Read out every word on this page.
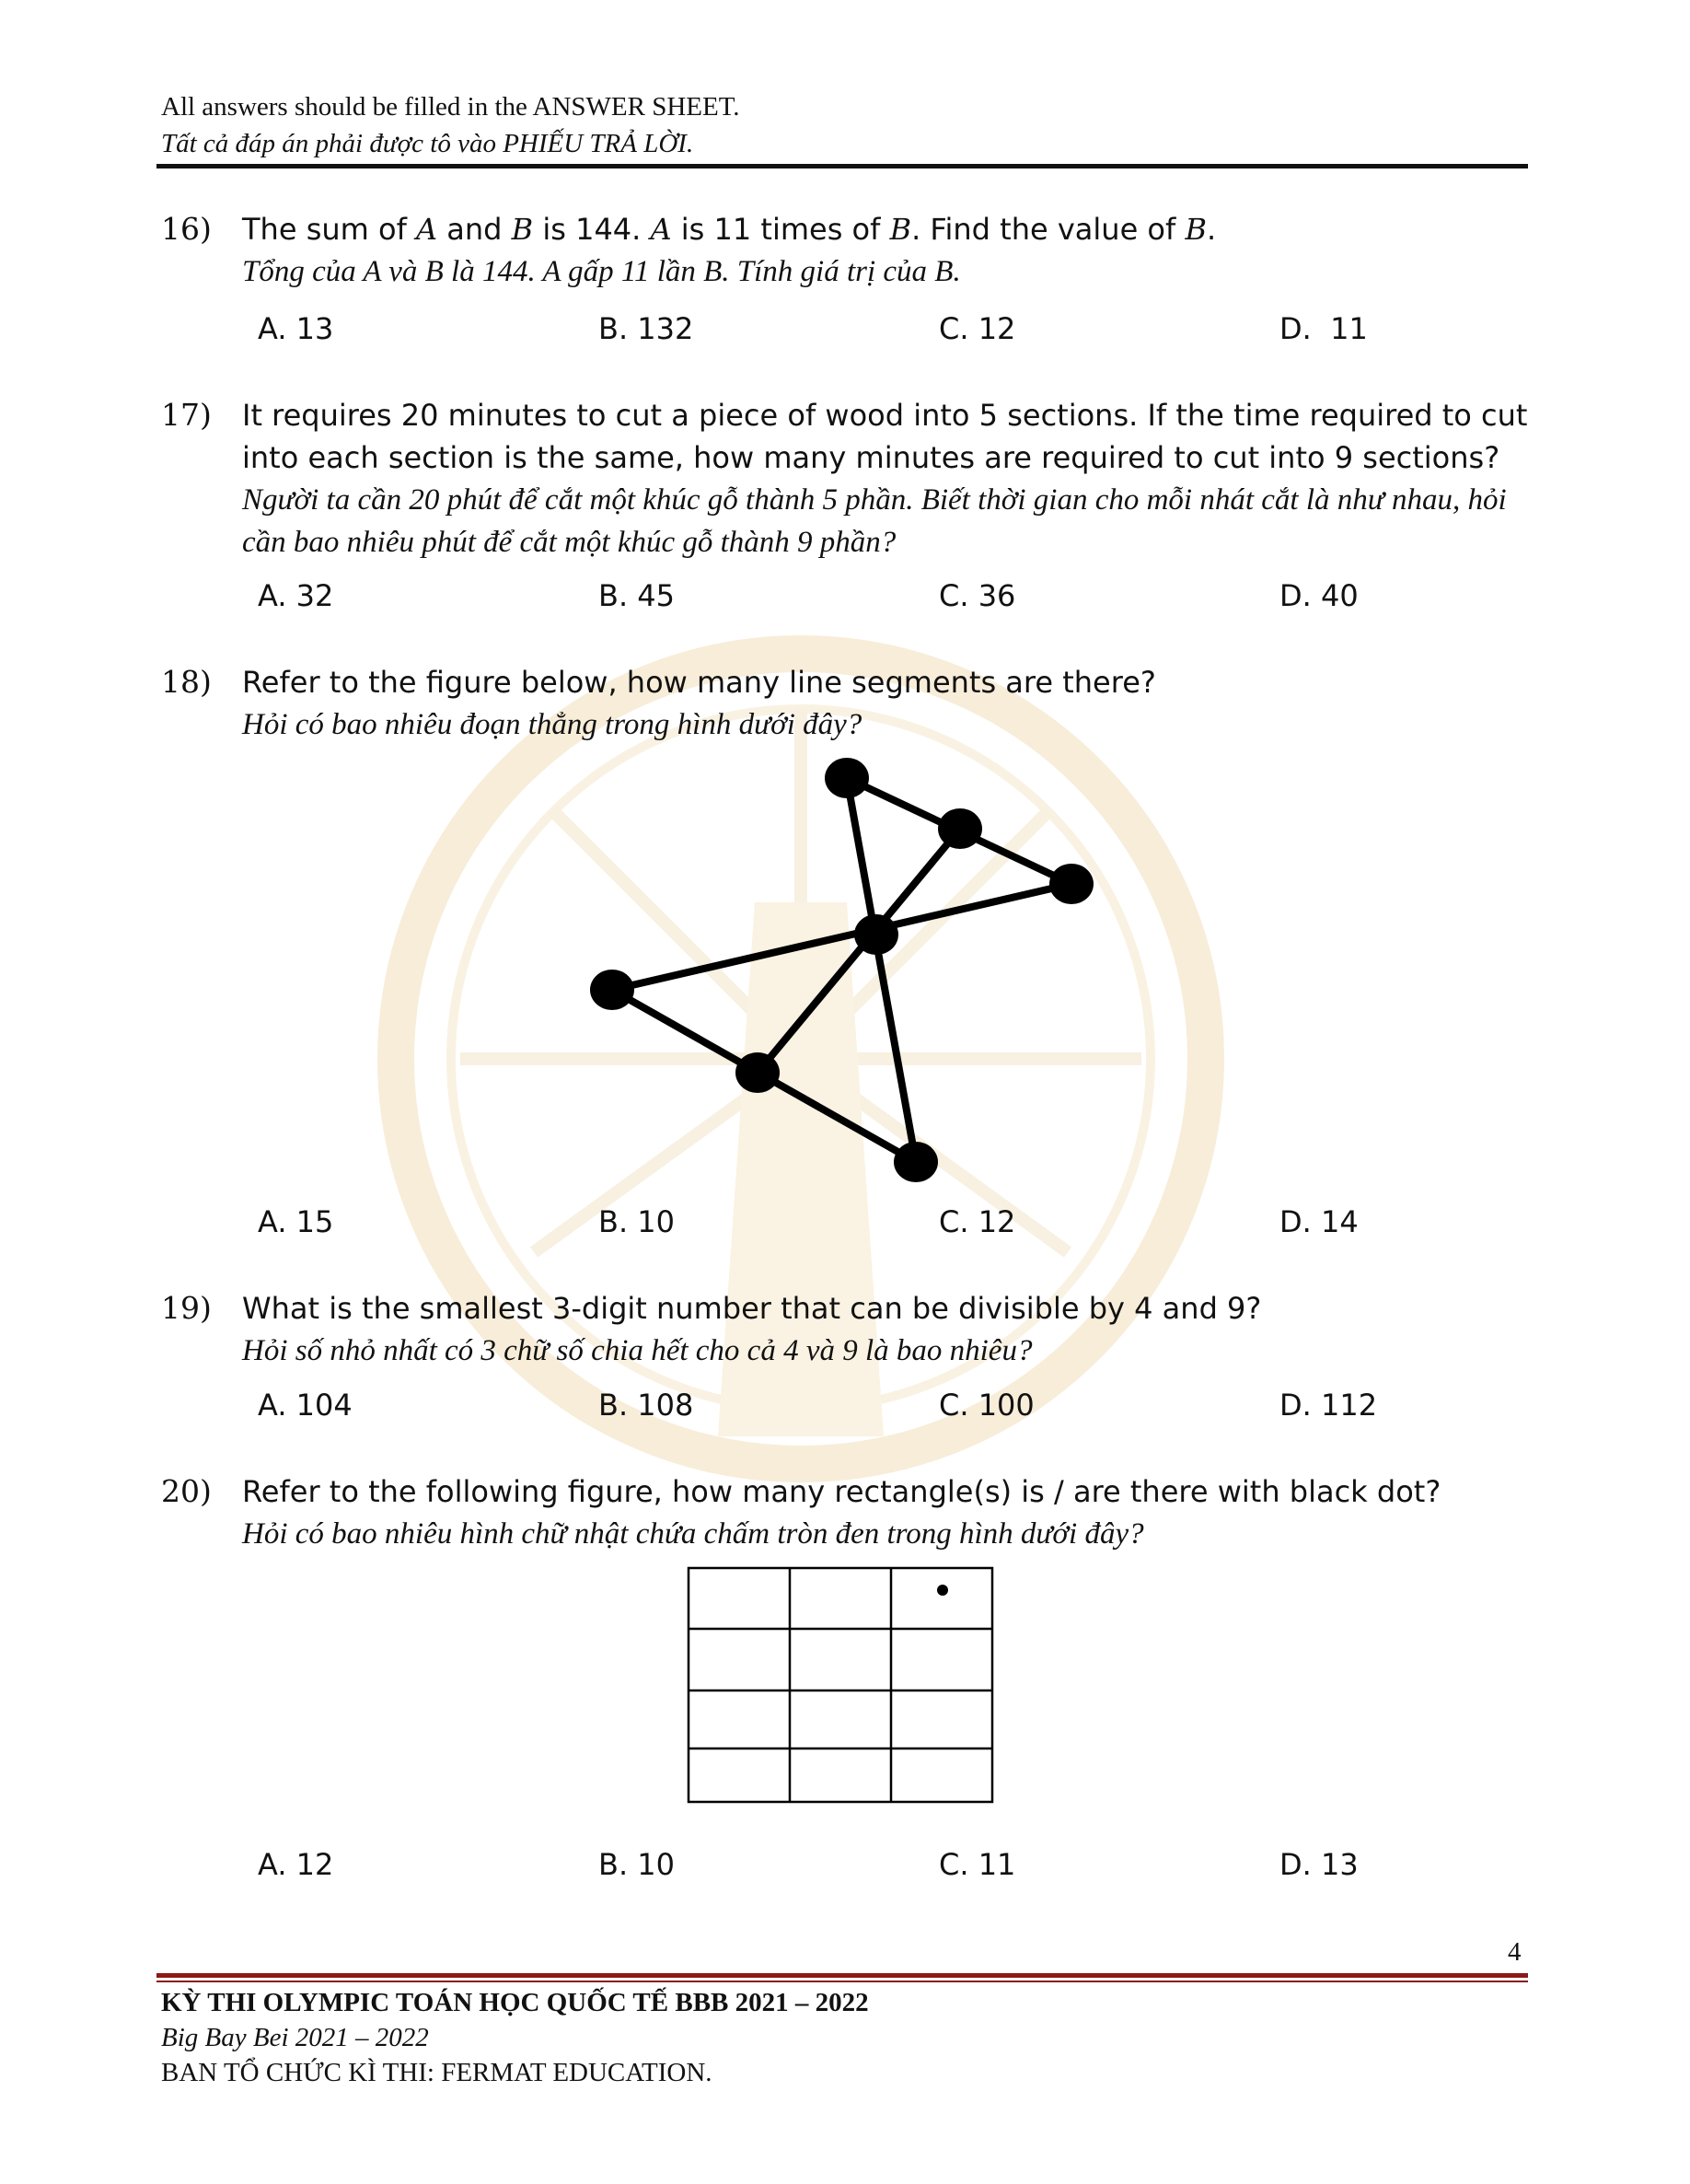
All answers should be filled in the ANSWER SHEET.
Tất cả đáp án phải được tô vào PHIẾU TRẢ LỜI.
16) The sum of A and B is 144. A is 11 times of B. Find the value of B.
Tổng của A và B là 144. A gấp 11 lần B. Tính giá trị của B.
A. 13	B. 132	C. 12	D.  11
17) It requires 20 minutes to cut a piece of wood into 5 sections. If the time required to cut into each section is the same, how many minutes are required to cut into 9 sections?
Người ta cần 20 phút để cắt một khúc gỗ thành 5 phần. Biết thời gian cho mỗi nhát cắt là như nhau, hỏi cần bao nhiêu phút để cắt một khúc gỗ thành 9 phần?
A. 32	B. 45	C. 36	D. 40
18) Refer to the figure below, how many line segments are there?
Hỏi có bao nhiêu đoạn thẳng trong hình dưới đây?
A. 15	B. 10	C. 12	D. 14
19) What is the smallest 3-digit number that can be divisible by 4 and 9?
Hỏi số nhỏ nhất có 3 chữ số chia hết cho cả 4 và 9 là bao nhiêu?
A. 104	B. 108	C. 100	D. 112
20) Refer to the following figure, how many rectangle(s) is / are there with black dot?
Hỏi có bao nhiêu hình chữ nhật chứa chấm tròn đen trong hình dưới đây?
A. 12	B. 10	C. 11	D. 13
4
KỲ THI OLYMPIC TOÁN HỌC QUỐC TẾ BBB 2021 – 2022
Big Bay Bei 2021 – 2022
BAN TỔ CHỨC KÌ THI: FERMAT EDUCATION.
